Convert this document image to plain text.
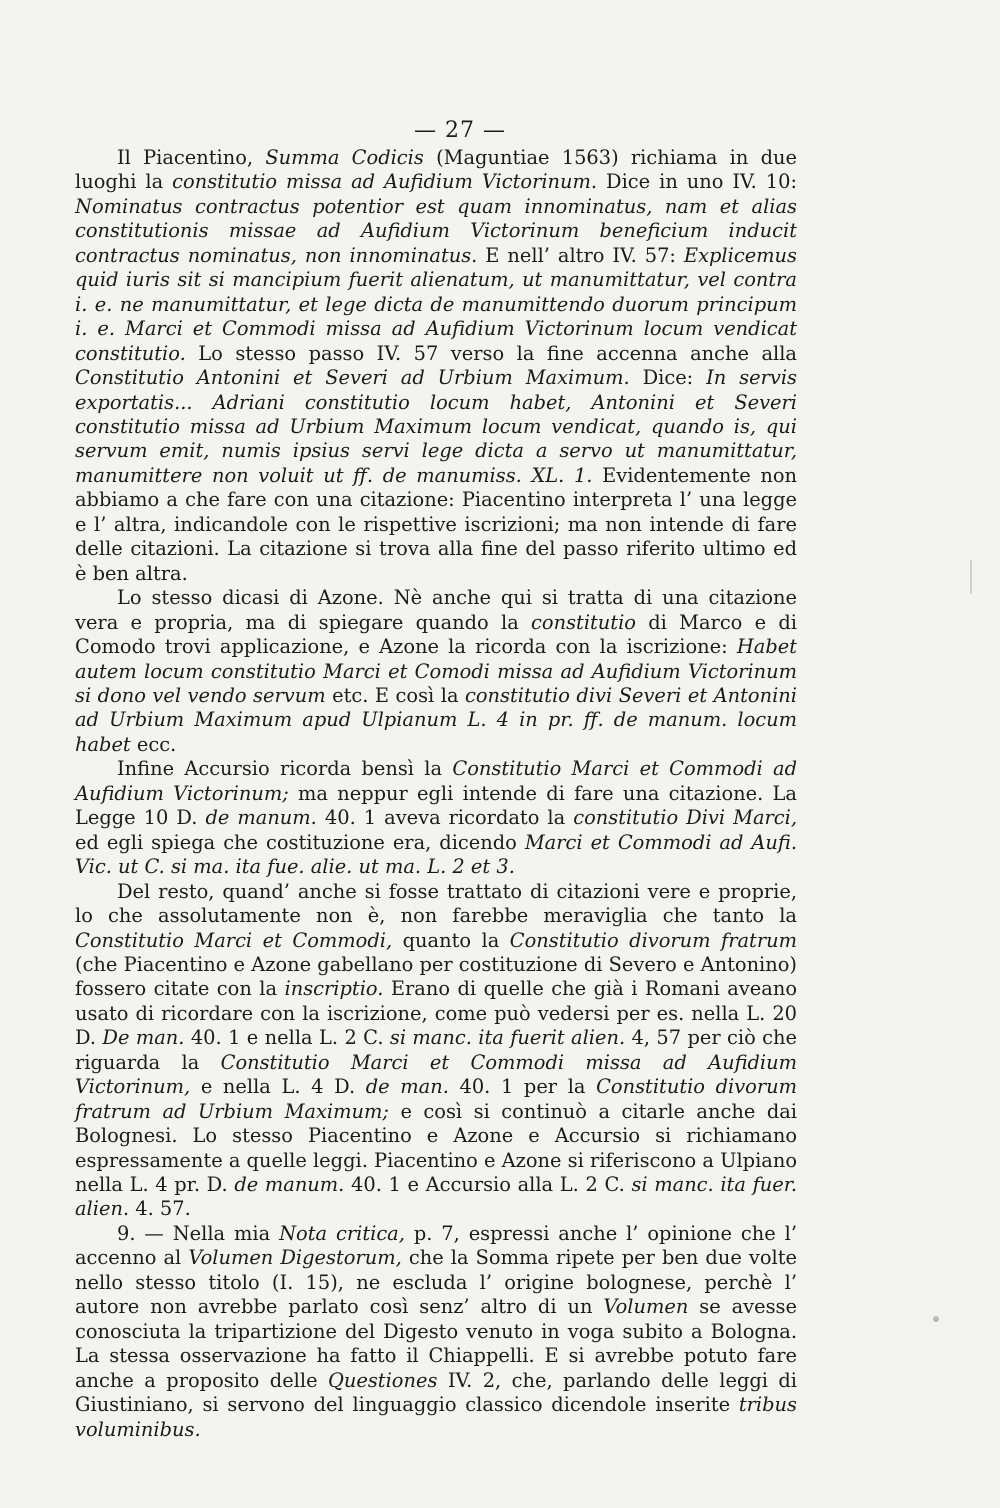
— 27 —

Il Piacentino, Summa Codicis (Maguntiae 1563) richiama in due luoghi la constitutio missa ad Aufidium Victorinum. Dice in uno IV. 10: Nominatus contractus potentior est quam innominatus, nam et alias constitutionis missae ad Aufidium Victorinum beneficium inducit contractus nominatus, non innominatus. E nell’ altro IV. 57: Explicemus quid iuris sit si mancipium fuerit alienatum, ut manumittatur, vel contra i. e. ne manumittatur, et lege dicta de manumittendo duorum principum i. e. Marci et Commodi missa ad Aufidium Victorinum locum vendicat constitutio. Lo stesso passo IV. 57 verso la fine accenna anche alla Constitutio Antonini et Severi ad Urbium Maximum. Dice: In servis exportatis... Adriani constitutio locum habet, Antonini et Severi constitutio missa ad Urbium Maximum locum vendicat, quando is, qui servum emit, numis ipsius servi lege dicta a servo ut manumittatur, manumittere non voluit ut ff. de manumiss. XL. 1. Evidentemente non abbiamo a che fare con una citazione: Piacentino interpreta l’ una legge e l’ altra, indicandole con le rispettive iscrizioni; ma non intende di fare delle citazioni. La citazione si trova alla fine del passo riferito ultimo ed è ben altra.

Lo stesso dicasi di Azone. Nè anche qui si tratta di una citazione vera e propria, ma di spiegare quando la constitutio di Marco e di Comodo trovi applicazione, e Azone la ricorda con la iscrizione: Habet autem locum constitutio Marci et Comodi missa ad Aufidium Victorinum si dono vel vendo servum etc. E così la constitutio divi Severi et Antonini ad Urbium Maximum apud Ulpianum L. 4 in pr. ff. de manum. locum habet ecc.

Infine Accursio ricorda bensì la Constitutio Marci et Commodi ad Aufidium Victorinum; ma neppur egli intende di fare una citazione. La Legge 10 D. de manum. 40. 1 aveva ricordato la constitutio Divi Marci, ed egli spiega che costituzione era, dicendo Marci et Commodi ad Aufi. Vic. ut C. si ma. ita fue. alie. ut ma. L. 2 et 3.

Del resto, quand’ anche si fosse trattato di citazioni vere e proprie, lo che assolutamente non è, non farebbe meraviglia che tanto la Constitutio Marci et Commodi, quanto la Constitutio divorum fratrum (che Piacentino e Azone gabellano per costituzione di Severo e Antonino) fossero citate con la inscriptio. Erano di quelle che già i Romani aveano usato di ricordare con la iscrizione, come può vedersi per es. nella L. 20 D. De man. 40. 1 e nella L. 2 C. si manc. ita fuerit alien. 4, 57 per ciò che riguarda la Constitutio Marci et Commodi missa ad Aufidium Victorinum, e nella L. 4 D. de man. 40. 1 per la Constitutio divorum fratrum ad Urbium Maximum; e così si continuò a citarle anche dai Bolognesi. Lo stesso Piacentino e Azone e Accursio si richiamano espressamente a quelle leggi. Piacentino e Azone si riferiscono a Ulpiano nella L. 4 pr. D. de manum. 40. 1 e Accursio alla L. 2 C. si manc. ita fuer. alien. 4. 57.

9. — Nella mia Nota critica, p. 7, espressi anche l’ opinione che l’ accenno al Volumen Digestorum, che la Somma ripete per ben due volte nello stesso titolo (I. 15), ne escluda l’ origine bolognese, perchè l’ autore non avrebbe parlato così senz’ altro di un Volumen se avesse conosciuta la tripartizione del Digesto venuto in voga subito a Bologna. La stessa osservazione ha fatto il Chiappelli. E si avrebbe potuto fare anche a proposito delle Questiones IV. 2, che, parlando delle leggi di Giustiniano, si servono del linguaggio classico dicendole inserite tribus voluminibus.
